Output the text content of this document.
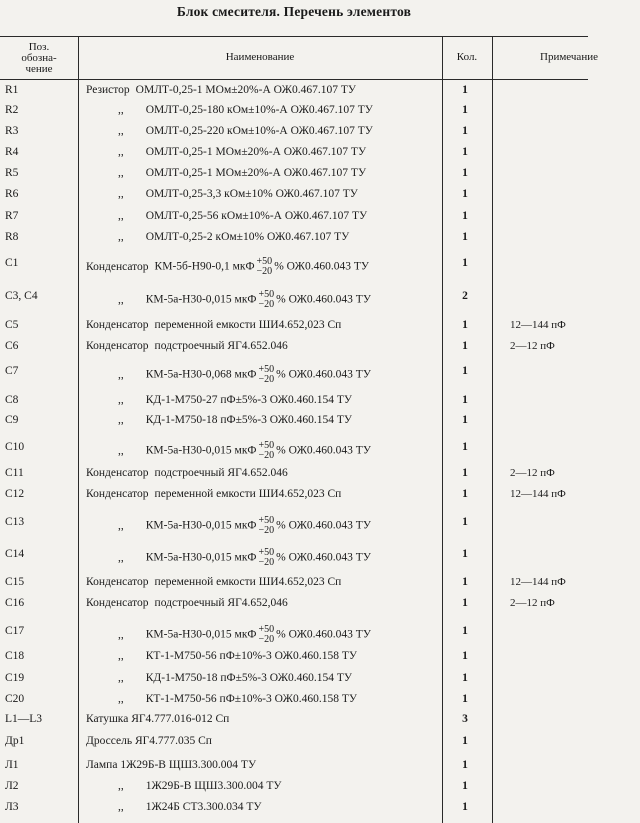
Блок смесителя. Перечень элементов
Поз.
обозна-
чение
Наименование	Кол.	Примечание
R1	Резистор ОМЛТ-0,25-1 МОм±20%-А ОЖ0.467.107 ТУ	1
R2	,, ОМЛТ-0,25-180 кОм±10%-А ОЖ0.467.107 ТУ	1
R3	,, ОМЛТ-0,25-220 кОм±10%-А ОЖ0.467.107 ТУ	1
R4	,, ОМЛТ-0,25-1 МОм±20%-А ОЖ0.467.107 ТУ	1
R5	,, ОМЛТ-0,25-1 МОм±20%-А ОЖ0.467.107 ТУ	1
R6	,, ОМЛТ-0,25-3,3 кОм±10% ОЖ0.467.107 ТУ	1
R7	,, ОМЛТ-0,25-56 кОм±10%-А ОЖ0.467.107 ТУ	1
R8	,, ОМЛТ-0,25-2 кОм±10% ОЖ0.467.107 ТУ	1
C1	Конденсатор КМ-5б-Н90-0,1 мкФ +50
−20 % ОЖ0.460.043 ТУ	1
C3, C4	,, КМ-5а-Н30-0,015 мкФ +50
−20 % ОЖ0.460.043 ТУ	2
C5	Конденсатор переменной емкости ШИ4.652,023 Сп	1	12—144 пФ
C6	Конденсатор подстроечный ЯГ4.652.046	1	2—12 пФ
C7	,, КМ-5а-Н30-0,068 мкФ +50
−20 % ОЖ0.460.043 ТУ	1
C8	,, КД-1-М750-27 пФ±5%-3 ОЖ0.460.154 ТУ	1
C9	,, КД-1-М750-18 пФ±5%-3 ОЖ0.460.154 ТУ	1
C10	,, КМ-5а-Н30-0,015 мкФ +50
−20 % ОЖ0.460.043 ТУ	1
C11	Конденсатор подстроечный ЯГ4.652.046	1	2—12 пФ
C12	Конденсатор переменной емкости ШИ4.652,023 Сп	1	12—144 пФ
C13	,, КМ-5а-Н30-0,015 мкФ +50
−20 % ОЖ0.460.043 ТУ	1
C14	,, КМ-5а-Н30-0,015 мкФ +50
−20 % ОЖ0.460.043 ТУ	1
C15	Конденсатор переменной емкости ШИ4.652,023 Сп	1	12—144 пФ
C16	Конденсатор подстроечный ЯГ4.652,046	1	2—12 пФ
C17	,, КМ-5а-Н30-0,015 мкФ +50
−20 % ОЖ0.460.043 ТУ	1
C18	,, КТ-1-М750-56 пФ±10%-3 ОЖ0.460.158 ТУ	1
C19	,, КД-1-М750-18 пФ±5%-3 ОЖ0.460.154 ТУ	1
C20	,, КТ-1-М750-56 пФ±10%-3 ОЖ0.460.158 ТУ	1
L1—L3	Катушка ЯГ4.777.016-012 Сп	3
Др1	Дроссель ЯГ4.777.035 Сп	1
Л1	Лампа 1Ж29Б-В ЩШ3.300.004 ТУ	1
Л2	,, 1Ж29Б-В ЩШ3.300.004 ТУ	1
Л3	,, 1Ж24Б СТ3.300.034 ТУ	1
